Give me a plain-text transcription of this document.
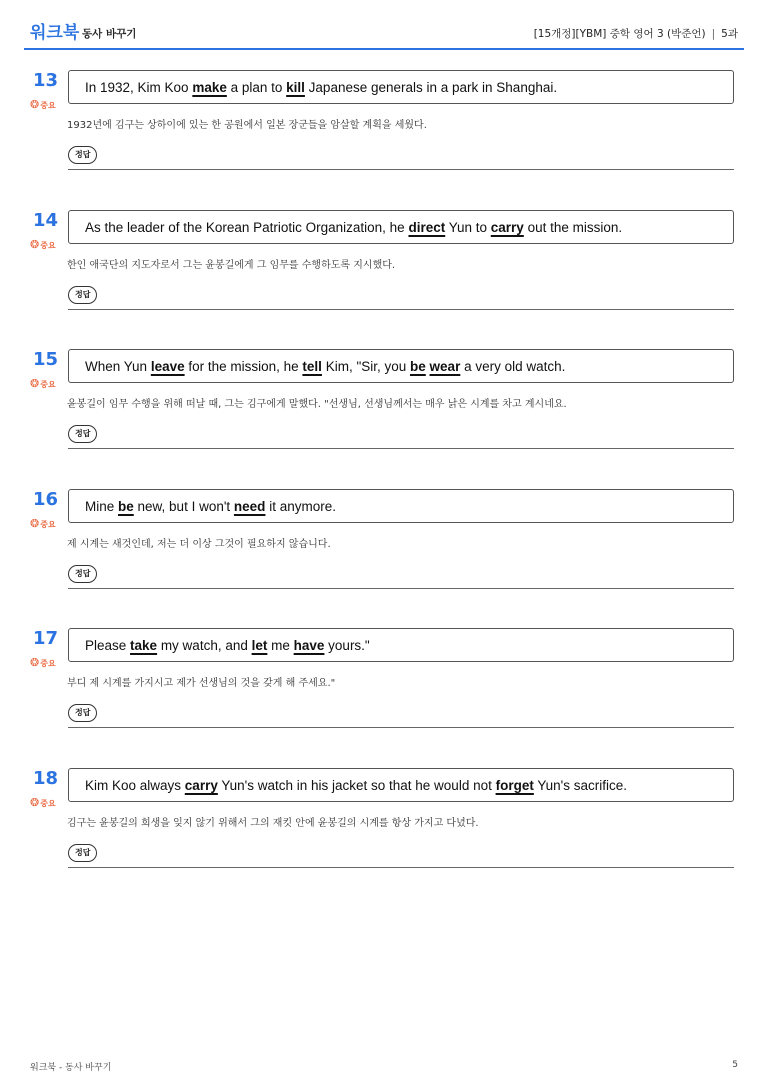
워크북 동사 바꾸기	[15개정][YBM] 중학 영어 3 (박준언) | 5과
13
❂중요
In 1932, Kim Koo make a plan to kill Japanese generals in a park in Shanghai.
1932년에 김구는 상하이에 있는 한 공원에서 일본 장군들을 암살할 계획을 세웠다.
정답
14
❂중요
As the leader of the Korean Patriotic Organization, he direct Yun to carry out the mission.
한인 애국단의 지도자로서 그는 윤봉길에게 그 임무를 수행하도록 지시했다.
정답
15
❂중요
When Yun leave for the mission, he tell Kim, "Sir, you be wear a very old watch.
윤봉길이 임무 수행을 위해 떠날 때, 그는 김구에게 말했다. "선생님, 선생님께서는 매우 낡은 시계를 차고 계시네요.
정답
16
❂중요
Mine be new, but I won't need it anymore.
제 시계는 새것인데, 저는 더 이상 그것이 필요하지 않습니다.
정답
17
❂중요
Please take my watch, and let me have yours."
부디 제 시계를 가지시고 제가 선생님의 것을 갖게 해 주세요."
정답
18
❂중요
Kim Koo always carry Yun's watch in his jacket so that he would not forget Yun's sacrifice.
김구는 윤봉길의 희생을 잊지 않기 위해서 그의 재킷 안에 윤봉길의 시계를 항상 가지고 다녔다.
정답
워크북 - 동사 바꾸기	5
